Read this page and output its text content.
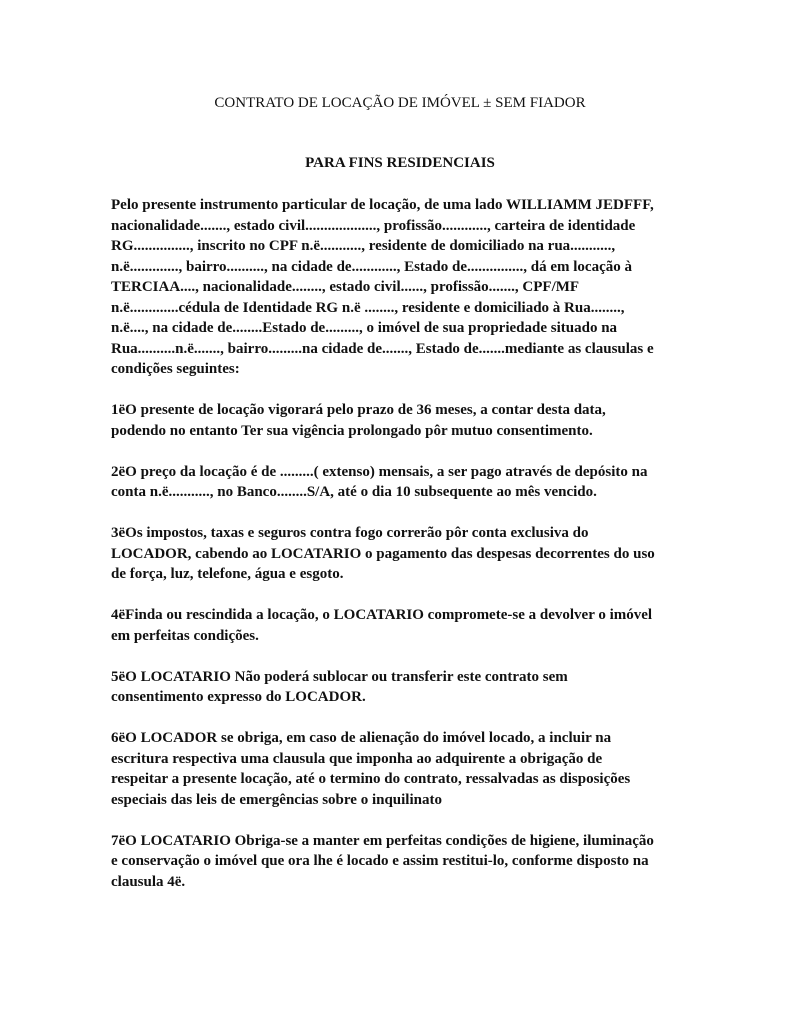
CONTRATO DE LOCAÇÃO DE IMÓVEL ± SEM FIADOR
PARA FINS RESIDENCIAIS
Pelo presente instrumento particular de locação, de uma lado WILLIAMM JEDFFF,
nacionalidade......., estado civil..................., profissão............, carteira de identidade
RG..............., inscrito no CPF n.ë..........., residente de domiciliado na rua...........,
n.ë............., bairro.........., na cidade de............, Estado de..............., dá em locação à
TERCIAA...., nacionalidade........, estado civil......, profissão......., CPF/MF
n.ë.............cédula de Identidade RG n.ë ........, residente e domiciliado à Rua........,
n.ë...., na cidade de........Estado de........., o imóvel de sua propriedade situado na
Rua..........n.ë......., bairro.........na cidade de......., Estado de.......mediante as clausulas e
condições seguintes:
1ëO presente de locação vigorará pelo prazo de 36 meses, a contar desta data,
podendo no entanto Ter sua vigência prolongado pôr mutuo consentimento.
2ëO preço da locação é de .........( extenso) mensais, a ser pago através de depósito na
conta n.ë..........., no Banco........S/A, até o dia 10 subsequente ao mês vencido.
3ëOs impostos, taxas e seguros contra fogo correrão pôr conta exclusiva do
LOCADOR, cabendo ao LOCATARIO o pagamento das despesas decorrentes do uso
de força, luz, telefone, água e esgoto.
4ëFinda ou rescindida a locação, o LOCATARIO compromete-se a devolver o imóvel
em perfeitas condições.
5ëO LOCATARIO Não poderá sublocar ou transferir este contrato sem
consentimento expresso do LOCADOR.
6ëO LOCADOR se obriga, em caso de alienação do imóvel locado, a incluir na
escritura respectiva uma clausula que imponha ao adquirente a obrigação de
respeitar a presente locação, até o termino do contrato, ressalvadas as disposições
especiais das leis de emergências sobre o inquilinato
7ëO LOCATARIO Obriga-se a manter em perfeitas condições de higiene, iluminação
e conservação o imóvel que ora lhe é locado e assim restitui-lo, conforme disposto na
clausula 4ë.
